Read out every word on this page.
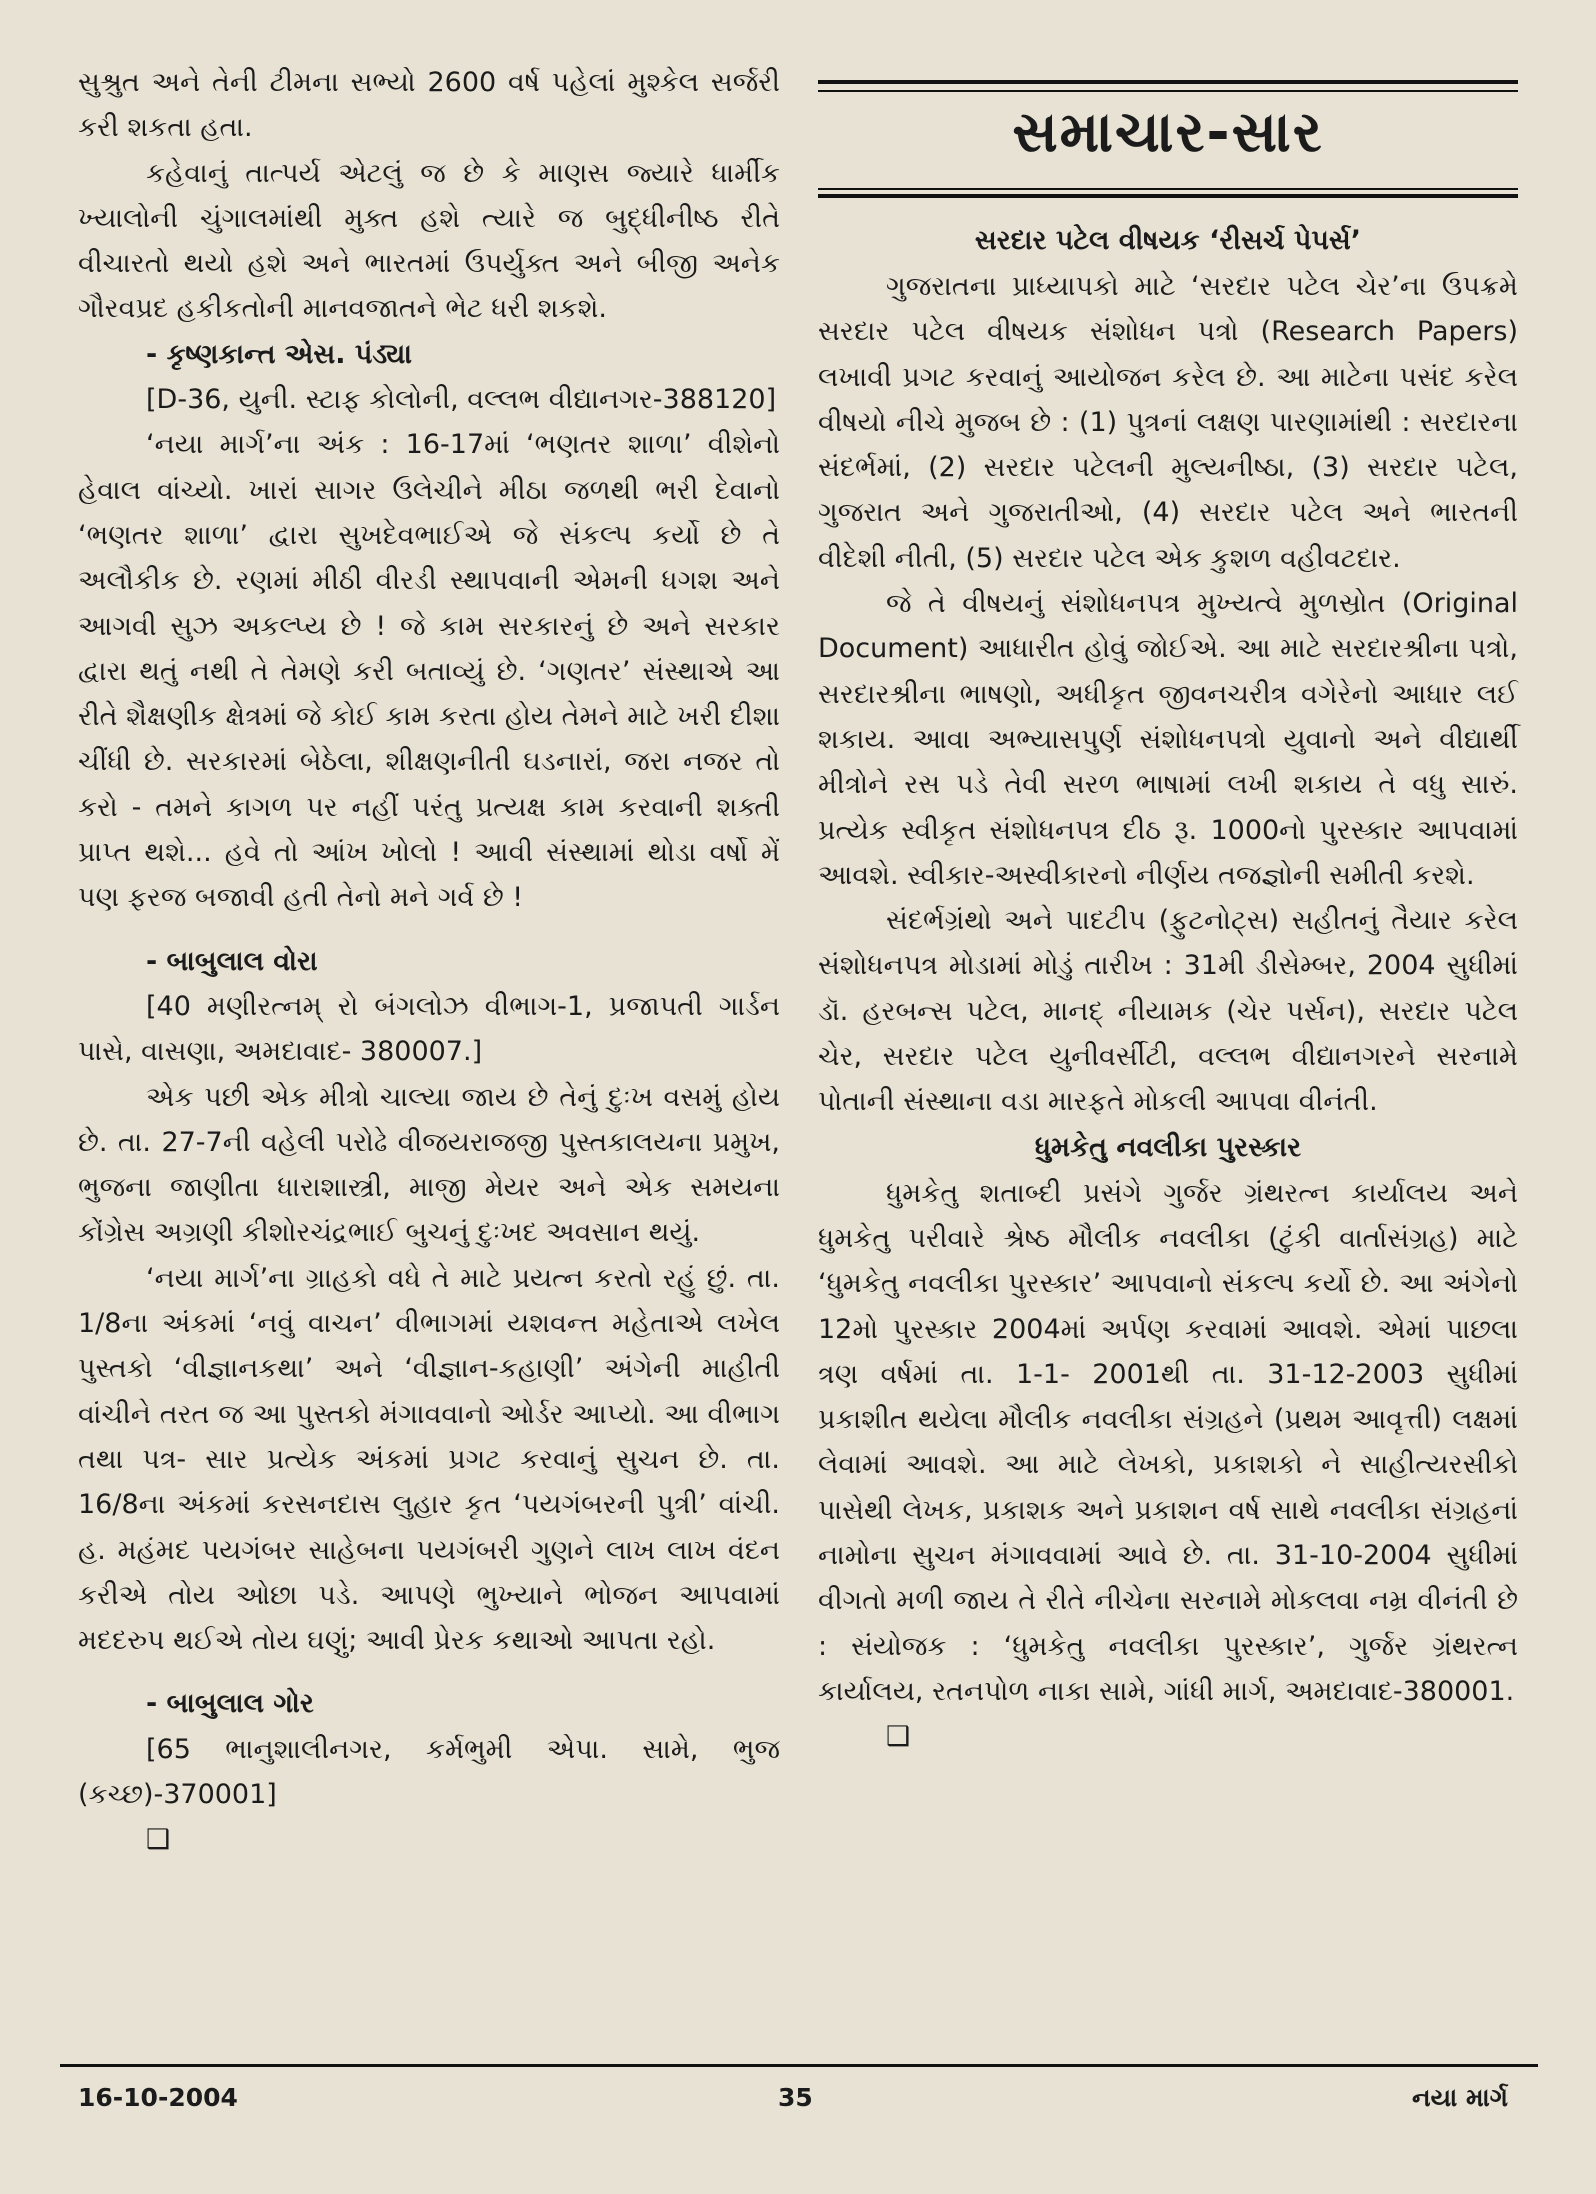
સુશ્રુત અને તેની ટીમના સભ્યો 2600 વર્ષ પહેલાં મુશ્કેલ સર્જરી કરી શકતા હતા.

કહેવાનું તાત્પર્ય એટલું જ છે કે માણસ જ્યારે ધાર્મીક ખ્યાલોની ચુંગાલમાંથી મુક્ત હશે ત્યારે જ બુદ્ધીનીષ્ઠ રીતે વીચારતો થયો હશે અને ભારતમાં ઉપર્યુક્ત અને બીજી અનેક ગૌરવપ્રદ હકીકતોની માનવજાતને ભેટ ધરી શકશે.

- કૃષ્ણકાન્ત એસ. પંડ્યા

[D-36, યુની. સ્ટાફ કોલોની, વલ્લભ વીદ્યાનગર-388120]

‘નયા માર્ગ’ના અંક : 16-17માં ‘ભણતર શાળા’ વીશેનો હેવાલ વાંચ્યો. ખારાં સાગર ઉલેચીને મીઠા જળથી ભરી દેવાનો ‘ભણતર શાળા’ દ્વારા સુખદેવભાઈએ જે સંકલ્પ કર્યો છે તે અલૌકીક છે. રણમાં મીઠી વીરડી સ્થાપવાની એમની ધગશ અને આગવી સુઝ અકલ્પ્ય છે ! જે કામ સરકારનું છે અને સરકાર દ્વારા થતું નથી તે તેમણે કરી બતાવ્યું છે. ‘ગણતર’ સંસ્થાએ આ રીતે શૈક્ષણીક ક્ષેત્રમાં જે કોઈ કામ કરતા હોય તેમને માટે ખરી દીશા ચીંધી છે. સરકારમાં બેઠેલા, શીક્ષણનીતી ઘડનારાં, જરા નજર તો કરો - તમને કાગળ પર નહીં પરંતુ પ્રત્યક્ષ કામ કરવાની શક્તી પ્રાપ્ત થશે... હવે તો આંખ ખોલો ! આવી સંસ્થામાં થોડા વર્ષો મેં પણ ફરજ બજાવી હતી તેનો મને ગર્વ છે !

- બાબુલાલ વોરા

[40 મણીરત્નમ્ રો બંગલોઝ વીભાગ-1, પ્રજાપતી ગાર્ડન પાસે, વાસણા, અમદાવાદ- 380007.]

એક પછી એક મીત્રો ચાલ્યા જાય છે તેનું દુઃખ વસમું હોય છે. તા. 27-7ની વહેલી પરોઢે વીજયરાજજી પુસ્તકાલયના પ્રમુખ, ભુજના જાણીતા ધારાશાસ્ત્રી, માજી મેયર અને એક સમયના કોંગ્રેસ અગ્રણી કીશોરચંદ્રભાઈ બુચનું દુઃખદ અવસાન થયું.

‘નયા માર્ગ’ના ગ્રાહકો વધે તે માટે પ્રયત્ન કરતો રહું છું. તા. 1/8ના અંકમાં ‘નવું વાચન’ વીભાગમાં યશવન્ત મહેતાએ લખેલ પુસ્તકો ‘વીજ્ઞાનકથા’ અને ‘વીજ્ઞાન-કહાણી’ અંગેની માહીતી વાંચીને તરત જ આ પુસ્તકો મંગાવવાનો ઓર્ડર આપ્યો. આ વીભાગ તથા પત્ર- સાર પ્રત્યેક અંકમાં પ્રગટ કરવાનું સુચન છે. તા. 16/8ના અંકમાં કરસનદાસ લુહાર કૃત ‘પયગંબરની પુત્રી’ વાંચી. હ. મહંમદ પયગંબર સાહેબના પયગંબરી ગુણને લાખ લાખ વંદન કરીએ તોય ઓછા પડે. આપણે ભુખ્યાને ભોજન આપવામાં મદદરુપ થઈએ તોય ઘણું; આવી પ્રેરક કથાઓ આપતા રહો.

- બાબુલાલ ગોર

[65 ભાનુશાલીનગર, કર્મભુમી એપા. સામે, ભુજ (કચ્છ)-370001]

❑

સમાચાર-સાર
સરદાર પટેલ વીષયક ‘રીસર્ચ પેપર્સ’

ગુજરાતના પ્રાધ્યાપકો માટે ‘સરદાર પટેલ ચેર’ના ઉપક્રમે સરદાર પટેલ વીષયક સંશોધન પત્રો (Research Papers) લખાવી પ્રગટ કરવાનું આયોજન કરેલ છે. આ માટેના પસંદ કરેલ વીષયો નીચે મુજબ છે : (1) પુત્રનાં લક્ષણ પારણામાંથી : સરદારના સંદર્ભમાં, (2) સરદાર પટેલની મુલ્યનીષ્ઠા, (3) સરદાર પટેલ, ગુજરાત અને ગુજરાતીઓ, (4) સરદાર પટેલ અને ભારતની વીદેશી નીતી, (5) સરદાર પટેલ એક કુશળ વહીવટદાર.

જે તે વીષયનું સંશોધનપત્ર મુખ્યત્વે મુળસ્રોત (Original Document) આધારીત હોવું જોઈએ. આ માટે સરદારશ્રીના પત્રો, સરદારશ્રીના ભાષણો, અધીકૃત જીવનચરીત્ર વગેરેનો આધાર લઈ શકાય. આવા અભ્યાસપુર્ણ સંશોધનપત્રો યુવાનો અને વીદ્યાર્થી મીત્રોને રસ પડે તેવી સરળ ભાષામાં લખી શકાય તે વધુ સારું. પ્રત્યેક સ્વીકૃત સંશોધનપત્ર દીઠ રૂ. 1000નો પુરસ્કાર આપવામાં આવશે. સ્વીકાર-અસ્વીકારનો નીર્ણય તજજ્ઞોની સમીતી કરશે.

સંદર્ભગ્રંથો અને પાદટીપ (ફુટનોટ્સ) સહીતનું તૈયાર કરેલ સંશોધનપત્ર મોડામાં મોડું તારીખ : 31મી ડીસેમ્બર, 2004 સુધીમાં ડૉ. હરબન્સ પટેલ, માનદ્ નીયામક (ચેર પર્સન), સરદાર પટેલ ચેર, સરદાર પટેલ યુનીવર્સીટી, વલ્લભ વીદ્યાનગરને સરનામે પોતાની સંસ્થાના વડા મારફતે મોકલી આપવા વીનંતી.

ધુમકેતુ નવલીકા પુરસ્કાર

ધુમકેતુ શતાબ્દી પ્રસંગે ગુર્જર ગ્રંથરત્ન કાર્યાલય અને ધુમકેતુ પરીવારે શ્રેષ્ઠ મૌલીક નવલીકા (ટુંકી વાર્તાસંગ્રહ) માટે ‘ધુમકેતુ નવલીકા પુરસ્કાર’ આપવાનો સંકલ્પ કર્યો છે. આ અંગેનો 12મો પુરસ્કાર 2004માં અર્પણ કરવામાં આવશે. એમાં પાછલા ત્રણ વર્ષમાં તા. 1-1- 2001થી તા. 31-12-2003 સુધીમાં પ્રકાશીત થયેલા મૌલીક નવલીકા સંગ્રહને (પ્રથમ આવૃત્તી) લક્ષમાં લેવામાં આવશે. આ માટે લેખકો, પ્રકાશકો ને સાહીત્યરસીકો પાસેથી લેખક, પ્રકાશક અને પ્રકાશન વર્ષ સાથે નવલીકા સંગ્રહનાં નામોના સુચન મંગાવવામાં આવે છે. તા. 31-10-2004 સુધીમાં વીગતો મળી જાય તે રીતે નીચેના સરનામે મોકલવા નમ્ર વીનંતી છે : સંયોજક : ‘ધુમકેતુ નવલીકા પુરસ્કાર’, ગુર્જર ગ્રંથરત્ન કાર્યાલય, રતનપોળ નાકા સામે, ગાંધી માર્ગ, અમદાવાદ-380001.

❑

16-10-2004	35	નયા માર્ગ
